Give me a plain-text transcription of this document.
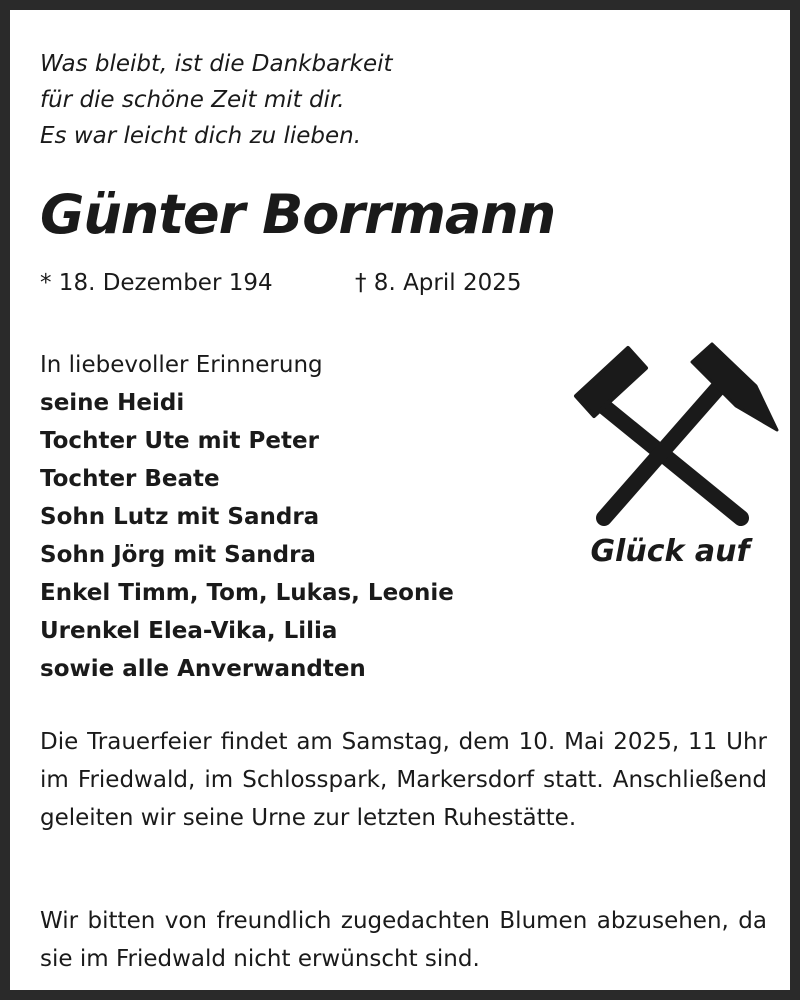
Was bleibt, ist die Dankbarkeit
für die schöne Zeit mit dir.
Es war leicht dich zu lieben.
Günter Borrmann
* 18. Dezember 194	† 8. April 2025
In liebevoller Erinnerung
seine Heidi
Tochter Ute mit Peter
Tochter Beate
Sohn Lutz mit Sandra
Sohn Jörg mit Sandra
Enkel Timm, Tom, Lukas, Leonie
Urenkel Elea-Vika, Lilia
sowie alle Anverwandten
Glück auf
Die Trauerfeier findet am Samstag, dem 10. Mai 2025, 11 Uhr im Friedwald, im Schlosspark, Markersdorf statt. Anschließend geleiten wir seine Urne zur letzten Ruhestätte.
Wir bitten von freundlich zugedachten Blumen abzusehen, da sie im Friedwald nicht erwünscht sind.
